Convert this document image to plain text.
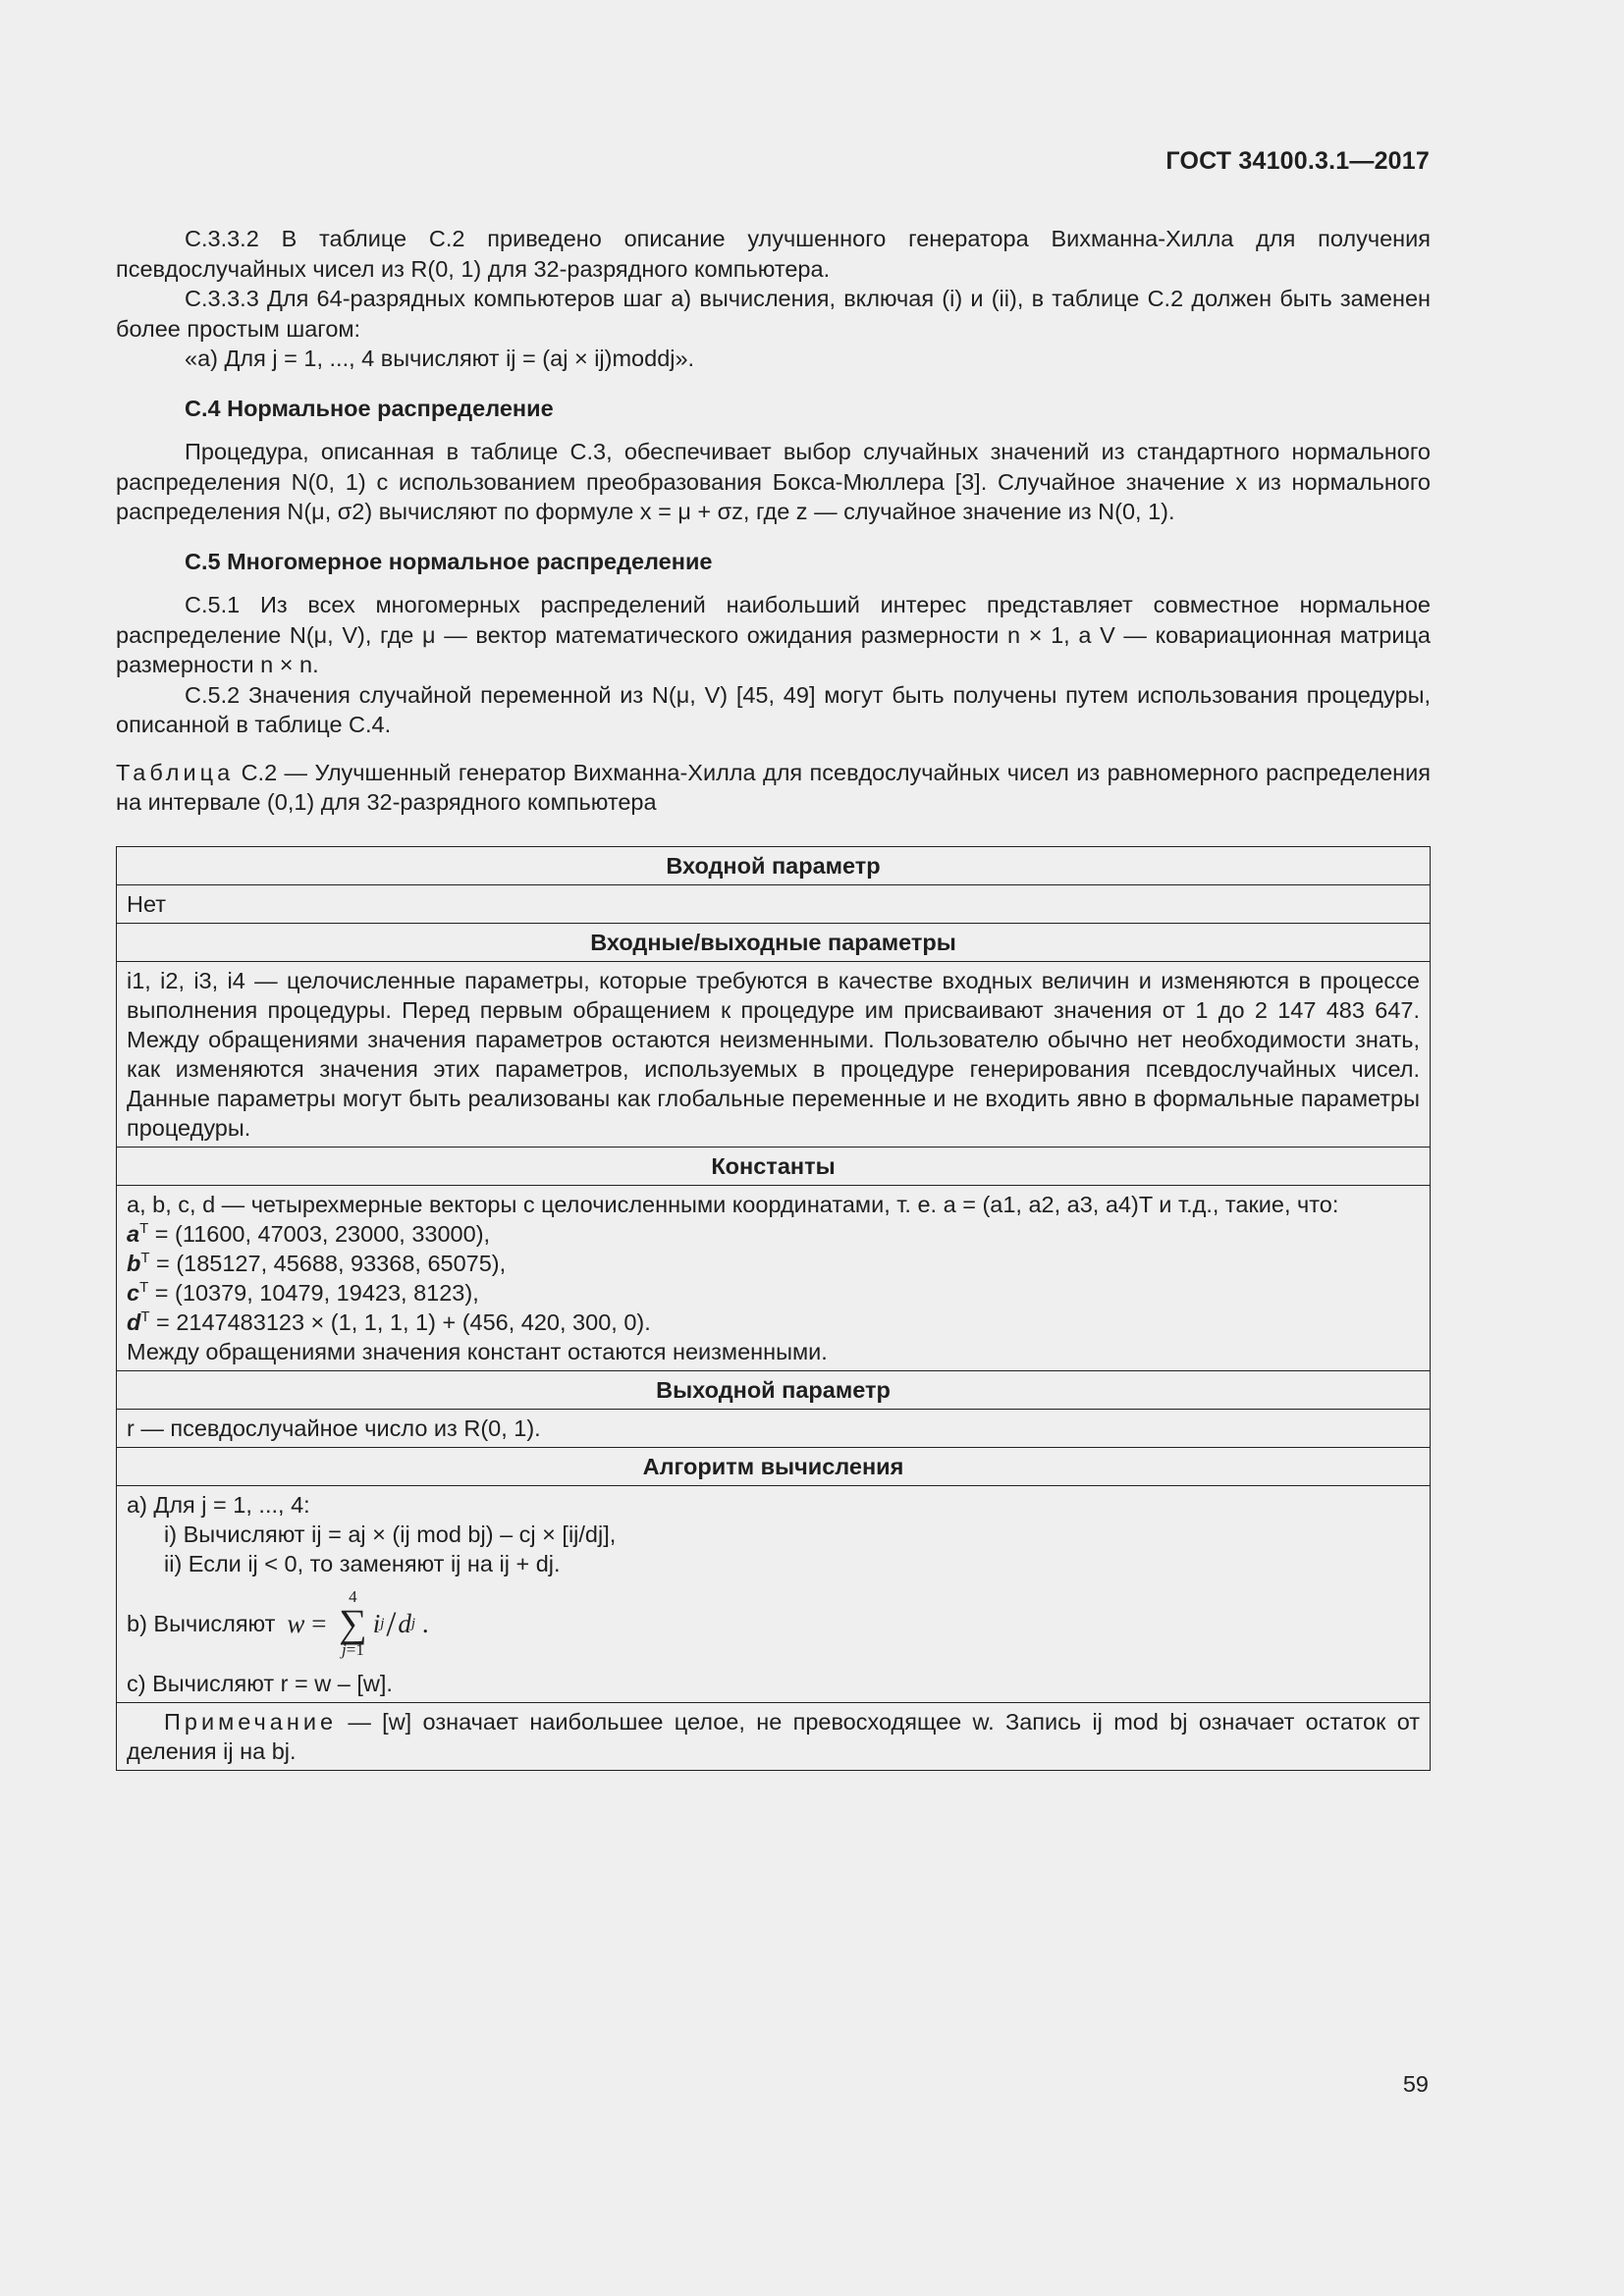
ГОСТ 34100.3.1—2017

C.3.3.2 В таблице С.2 приведено описание улучшенного генератора Вихманна-Хилла для получения псевдослучайных чисел из R(0, 1) для 32-разрядного компьютера.

С.3.3.3 Для 64-разрядных компьютеров шаг а) вычисления, включая (i) и (ii), в таблице С.2 должен быть заменен более простым шагом:

«а) Для j = 1, ..., 4 вычисляют ij = (aj × ij)moddj».

С.4 Нормальное распределение

Процедура, описанная в таблице С.3, обеспечивает выбор случайных значений из стандартного нормального распределения N(0, 1) с использованием преобразования Бокса-Мюллера [3]. Случайное значение x из нормального распределения N(μ, σ2) вычисляют по формуле x = μ + σz, где z — случайное значение из N(0, 1).

С.5 Многомерное нормальное распределение

С.5.1 Из всех многомерных распределений наибольший интерес представляет совместное нормальное распределение N(μ, V), где μ — вектор математического ожидания размерности n × 1, а V — ковариационная матрица размерности n × n.

С.5.2 Значения случайной переменной из N(μ, V) [45, 49] могут быть получены путем использования процедуры, описанной в таблице С.4.

Таблица С.2 — Улучшенный генератор Вихманна-Хилла для псевдослучайных чисел из равномерного распределения на интервале (0,1) для 32-разрядного компьютера

Входной параметр
Нет
Входные/выходные параметры
i1, i2, i3, i4 — целочисленные параметры, которые требуются в качестве входных величин и изменяются в процессе выполнения процедуры. Перед первым обращением к процедуре им присваивают значения от 1 до 2 147 483 647. Между обращениями значения параметров остаются неизменными. Пользователю обычно нет необходимости знать, как изменяются значения этих параметров, используемых в процедуре генерирования псевдослучайных чисел. Данные параметры могут быть реализованы как глобальные переменные и не входить явно в формальные параметры процедуры.
Константы

a, b, c, d — четырехмерные векторы с целочисленными координатами, т. е. a = (a1, a2, a3, a4)T и т.д., такие, что:
$a^T = (11600$, 47003, 23000, 33000),
$b^T = (185127$, 45688, 93368, 65075),
$c^T = (10379$, 10479, 19423, 8123),
$d^T = 2147483123 \times (1$, 1, 1, 1) + (456, 420, 300, 0).
Между обращениями значения констант остаются неизменными.

Выходной параметр
r — псевдослучайное число из R(0, 1).
Алгоритм вычисления

а) Для j = 1, ..., 4:
i) Вычисляют ij = aj × (ij mod bj) – cj × [ij/dj],
ii) Если ij < 0, то заменяют ij на ij + dj.
b) Вычисляют w =
4
∑
j=1
i j / d j .
с) Вычисляют r = w – [w].

Примечание — [w] означает наибольшее целое, не превосходящее w. Запись ij mod bj означает остаток от деления ij на bj.
59
